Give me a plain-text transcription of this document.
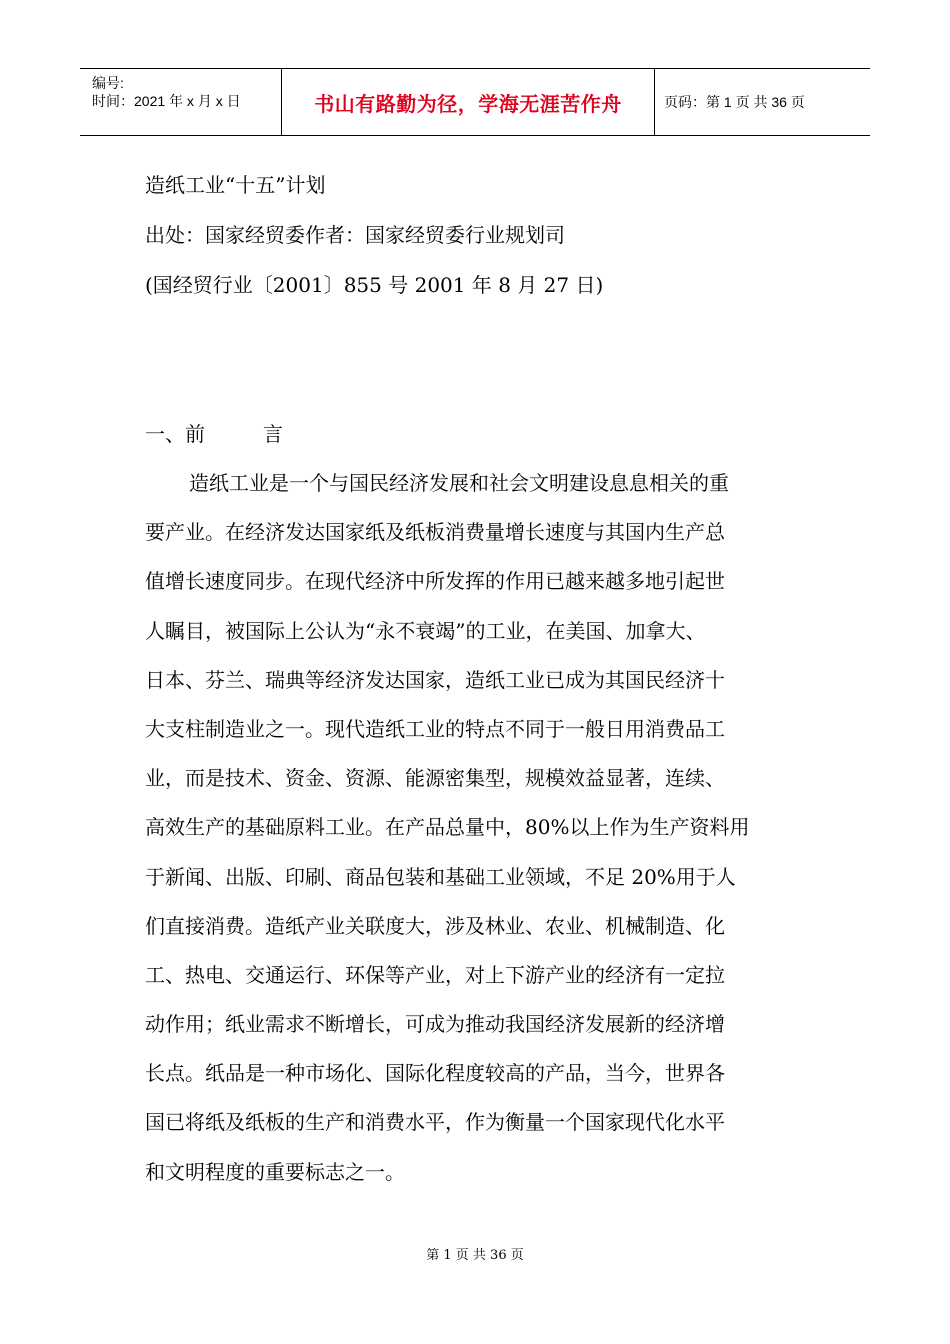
编号:
时间：2021 年 x 月 x 日	书山有路勤为径，学海无涯苦作舟	页码：第 1 页 共 36 页
造纸工业“十五”计划
出处：国家经贸委作者：国家经贸委行业规划司
(国经贸行业〔2001〕855 号 2001 年 8 月 27 日)
一、前	言
造纸工业是一个与国民经济发展和社会文明建设息息相关的重
要产业。在经济发达国家纸及纸板消费量增长速度与其国内生产总
值增长速度同步。在现代经济中所发挥的作用已越来越多地引起世
人瞩目，被国际上公认为“永不衰竭”的工业，在美国、加拿大、
日本、芬兰、瑞典等经济发达国家，造纸工业已成为其国民经济十
大支柱制造业之一。现代造纸工业的特点不同于一般日用消费品工
业，而是技术、资金、资源、能源密集型，规模效益显著，连续、
高效生产的基础原料工业。在产品总量中，80%以上作为生产资料用
于新闻、出版、印刷、商品包装和基础工业领域，不足 20%用于人
们直接消费。造纸产业关联度大，涉及林业、农业、机械制造、化
工、热电、交通运行、环保等产业，对上下游产业的经济有一定拉
动作用；纸业需求不断增长，可成为推动我国经济发展新的经济增
长点。纸品是一种市场化、国际化程度较高的产品，当今，世界各
国已将纸及纸板的生产和消费水平，作为衡量一个国家现代化水平
和文明程度的重要标志之一。
第 1 页 共 36 页
